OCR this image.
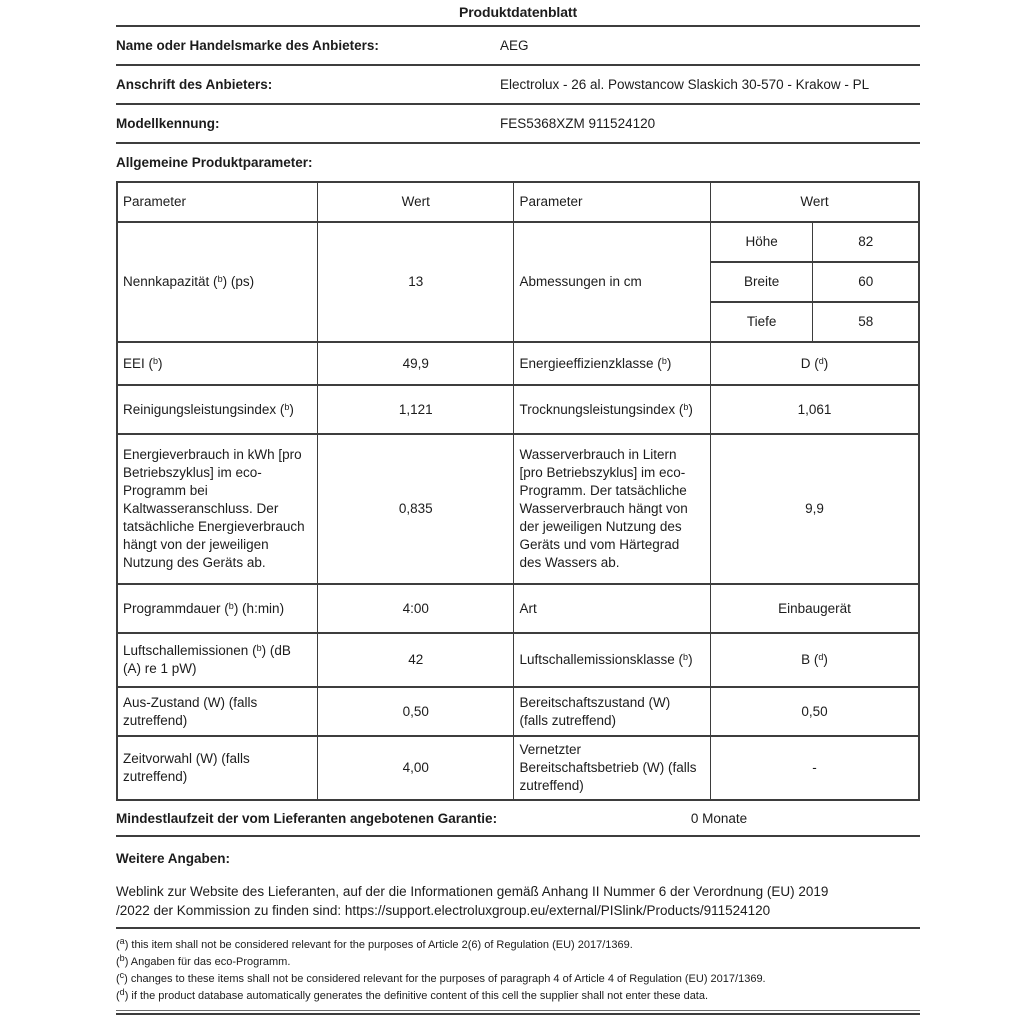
Produktdatenblatt
Name oder Handelsmarke des Anbieters:	AEG
Anschrift des Anbieters:	Electrolux - 26 al. Powstancow Slaskich 30-570 - Krakow - PL
Modellkennung:	FES5368XZM 911524120
Allgemeine Produktparameter:
Parameter	Wert	Parameter	Wert
Nennkapazität ($^b$) (ps)	13	Abmessungen in cm	
Höhe	82
Breite	60
Tiefe	58

EEI ($^b$)	49,9	Energieeffizienzklasse ($^b$)	D ($^d$)
Reinigungsleistungsindex ($^b$)	1,121	Trocknungsleistungsindex ($^b$)	1,061
Energieverbrauch in kWh [pro Betriebszyklus] im eco-Programm bei Kaltwasseranschluss. Der tatsächliche Energieverbrauch hängt von der jeweiligen Nutzung des Geräts ab.	0,835	Wasserverbrauch in Litern [pro Betriebszyklus] im eco-Programm. Der tatsächliche Wasserverbrauch hängt von der jeweiligen Nutzung des Geräts und vom Härtegrad des Wassers ab.	9,9
Programmdauer ($^b$) (h:min)	4:00	Art	Einbaugerät
Luftschallemissionen ($^b$) (dB (A) re 1 pW)	42	Luftschallemissionsklasse ($^b$)	B ($^d$)
Aus-Zustand (W) (falls zutreffend)	0,50	Bereitschaftszustand (W) (falls zutreffend)	0,50
Zeitvorwahl (W) (falls zutreffend)	4,00	Vernetzter Bereitschaftsbetrieb (W) (falls zutreffend)	-
Mindestlaufzeit der vom Lieferanten angebotenen Garantie:	0 Monate
Weitere Angaben:
Weblink zur Website des Lieferanten, auf der die Informationen gemäß Anhang II Nummer 6 der Verordnung (EU) 2019
/2022 der Kommission zu finden sind: https://support.electroluxgroup.eu/external/PISlink/Products/911524120
($^a$) this item shall not be considered relevant for the purposes of Article 2(6) of Regulation (EU) 2017/1369.
($^b$) Angaben für das eco-Programm.
($^c$) changes to these items shall not be considered relevant for the purposes of paragraph 4 of Article 4 of Regulation (EU) 2017/1369.
($^d$) if the product database automatically generates the definitive content of this cell the supplier shall not enter these data.
